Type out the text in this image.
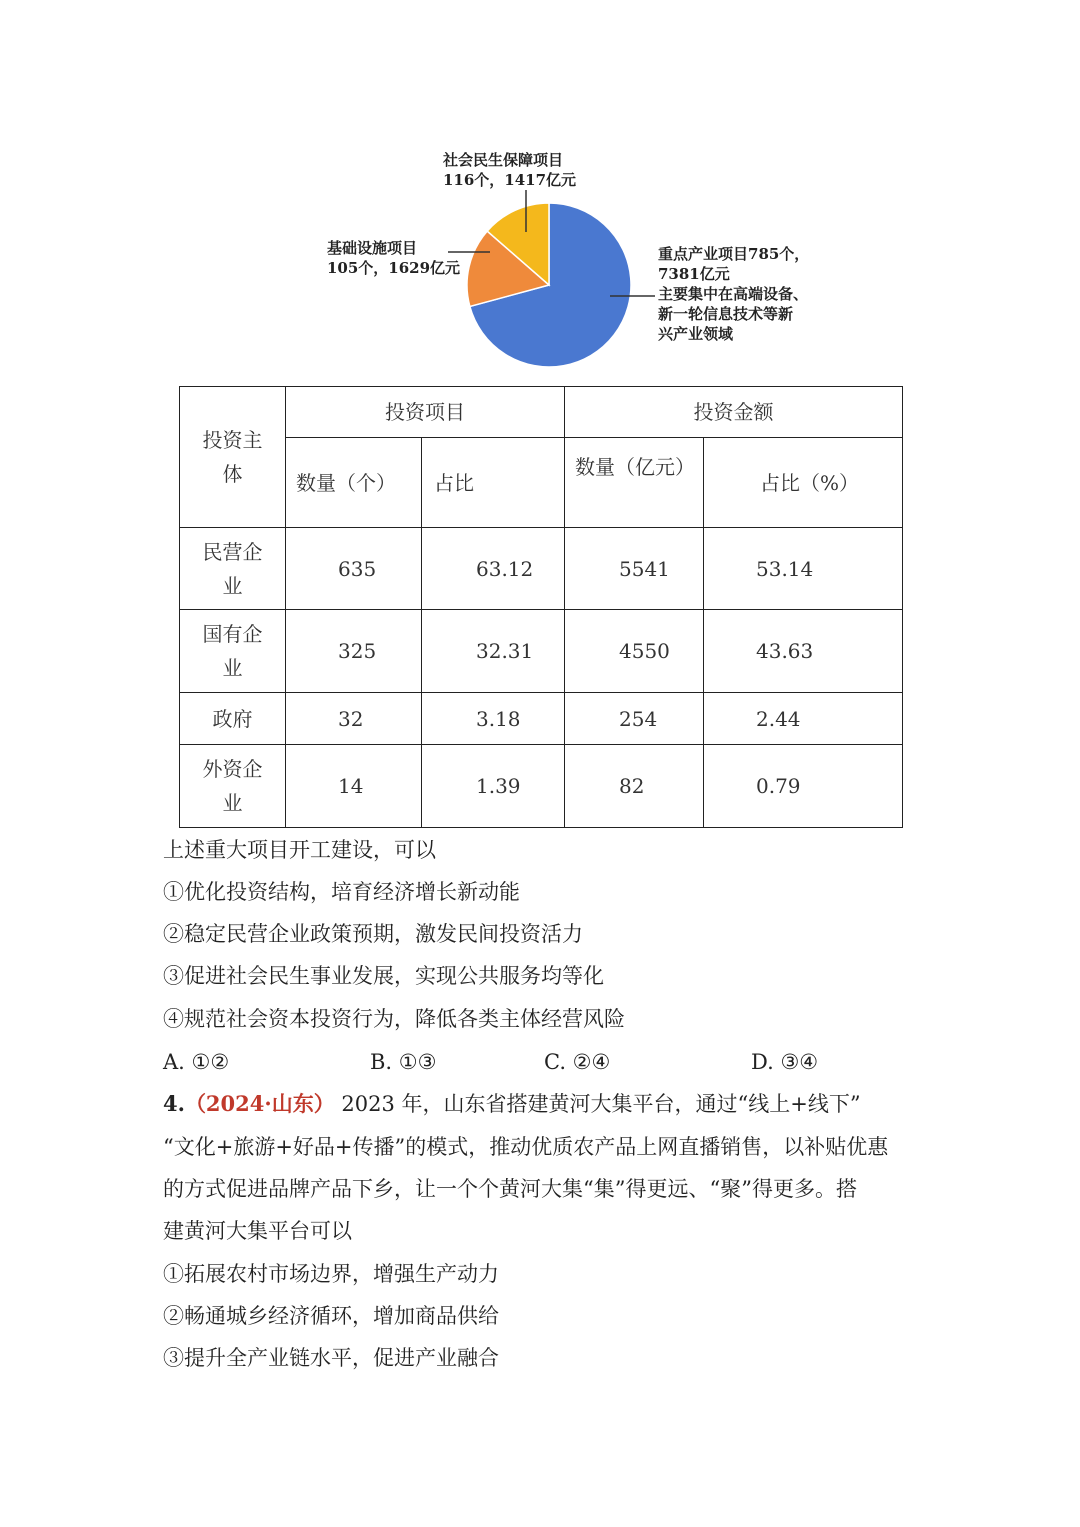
社会民生保障项目
116个，1417亿元
基础设施项目
105个，1629亿元
重点产业项目785个，
7381亿元
主要集中在高端设备、
新一轮信息技术等新
兴产业领域
投资主体	投资项目		投资金额	
	数量（个）	占比	数量（亿元）	占比（%）
民营企业	635	63.12	5541	53.14
国有企业	325	32.31	4550	43.63
政府	32	3.18	254	2.44
外资企业	14	1.39	82	0.79
上述重大项目开工建设，可以
①优化投资结构，培育经济增长新动能
②稳定民营企业政策预期，激发民间投资活力
③促进社会民生事业发展，实现公共服务均等化
④规范社会资本投资行为，降低各类主体经营风险
A. ①②	B. ①③	C. ②④	D. ③④
4.（2024·山东） 2023 年，山东省搭建黄河大集平台，通过“线上+线下”
“文化+旅游+好品+传播”的模式，推动优质农产品上网直播销售，以补贴优惠
的方式促进品牌产品下乡，让一个个黄河大集“集”得更远、“聚”得更多。搭
建黄河大集平台可以
①拓展农村市场边界，增强生产动力
②畅通城乡经济循环，增加商品供给
③提升全产业链水平，促进产业融合
